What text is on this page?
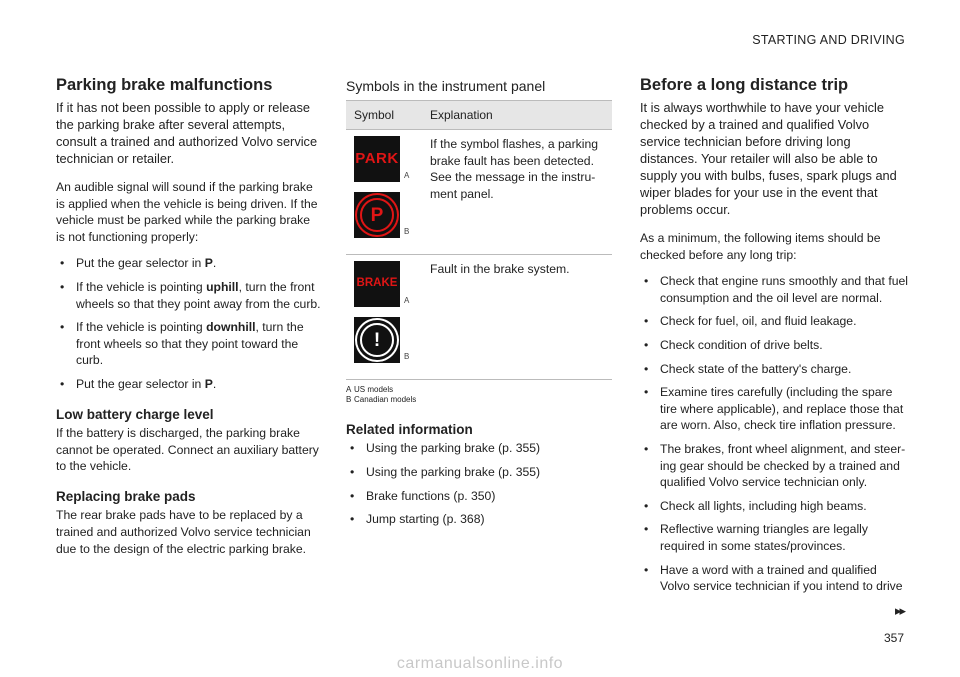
STARTING AND DRIVING
Parking brake malfunctions

If it has not been possible to apply or release the parking brake after several attempts, consult a trained and authorized Volvo service technician or retailer.

An audible signal will sound if the parking brake is applied when the vehicle is being driven. If the vehicle must be parked while the parking brake is not functioning properly:

• Put the gear selector in P.
• If the vehicle is pointing uphill, turn the front wheels so that they point away from the curb.
• If the vehicle is pointing downhill, turn the front wheels so that they point toward the curb.
• Put the gear selector in P.
Low battery charge level

If the battery is discharged, the parking brake cannot be operated. Connect an auxiliary battery to the vehicle.

Replacing brake pads

The rear brake pads have to be replaced by a trained and authorized Volvo service technician due to the design of the electric parking brake.

Symbols in the instrument panel
Symbol	Explanation

PARK
A
P
B	If the symbol flashes, a parking brake fault has been detected. See the message in the instru- ment panel.

BRAKE
A
!
B	Fault in the brake system.
A US models
B Canadian models
Related information
• Using the parking brake (p. 355)
• Using the parking brake (p. 355)
• Brake functions (p. 350)
• Jump starting (p. 368)
Before a long distance trip

It is always worthwhile to have your vehicle checked by a trained and qualified Volvo service technician before driving long distances. Your retailer will also be able to supply you with bulbs, fuses, spark plugs and wiper blades for your use in the event that problems occur.

As a minimum, the following items should be checked before any long trip:

• Check that engine runs smoothly and that fuel consumption and the oil level are normal.
• Check for fuel, oil, and fluid leakage.
• Check condition of drive belts.
• Check state of the battery's charge.
• Examine tires carefully (including the spare tire where applicable), and replace those that are worn. Also, check tire inflation pressure.
• The brakes, front wheel alignment, and steer- ing gear should be checked by a trained and qualified Volvo service technician only.
• Check all lights, including high beams.
• Reflective warning triangles are legally required in some states/provinces.
• Have a word with a trained and qualified Volvo service technician if you intend to drive
▸▸
357
carmanualsonline.info
